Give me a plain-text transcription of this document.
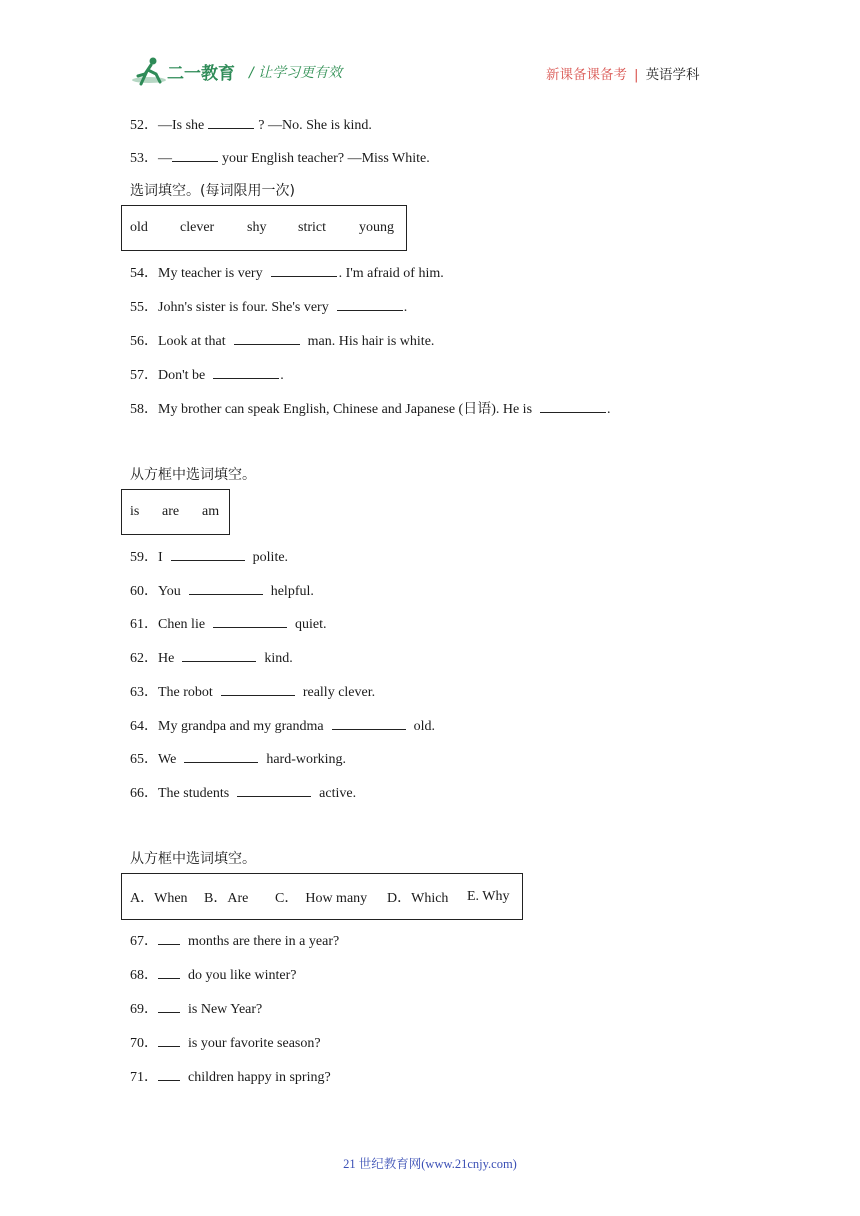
二一教育 / 让学习更有效	新课备课备考 | 英语学科
52．—Is she	? —No. She is kind.
53．—	your English teacher? —Miss White.
选词填空。(每词限用一次)
old clever shy strict young
54．My teacher is very	. I'm afraid of him.
55．John's sister is four. She's very	.
56．Look at that	man. His hair is white.
57．Don't be	.
58．My brother can speak English, Chinese and Japanese (日语). He is	.
从方框中选词填空。
is are am
59．I	polite.
60．You	helpful.
61．Chen lie	quiet.
62．He	kind.
63．The robot	really clever.
64．My grandpa and my grandma	old.
65．We	hard-working.
66．The students	active.
从方框中选词填空。
A．When B．Are C．  How many D．Which E. Why
67． months are there in a year?
68． do you like winter?
69． is New Year?
70． is your favorite season?
71． children happy in spring?
21 世纪教育网(www.21cnjy.com)
